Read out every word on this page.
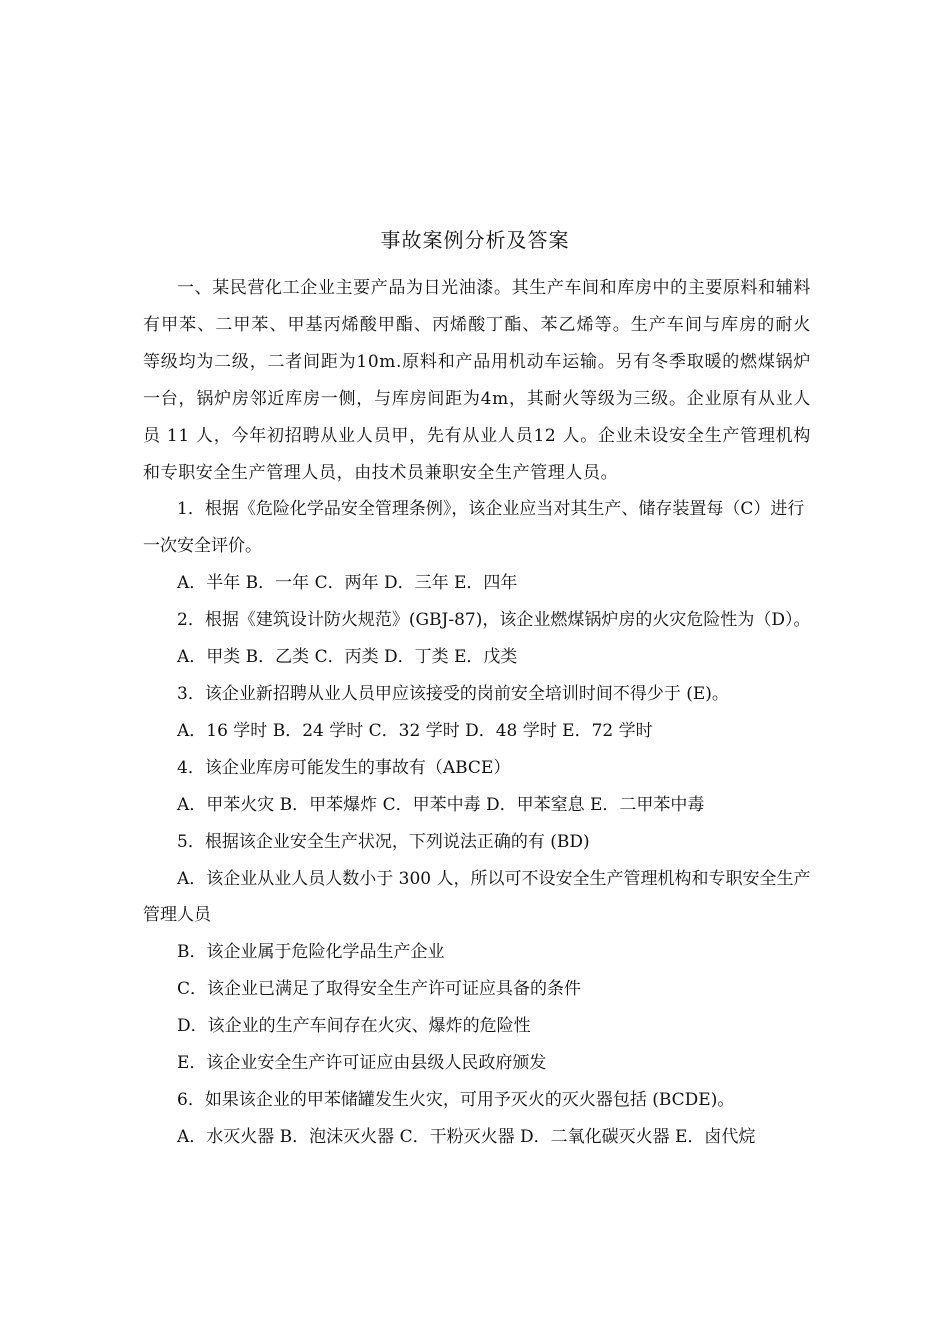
事故案例分析及答案

一、某民营化工企业主要产品为日光油漆。其生产车间和库房中的主要原料和辅料有甲苯、二甲苯、甲基丙烯酸甲酯、丙烯酸丁酯、苯乙烯等。生产车间与库房的耐火等级均为二级，二者间距为10m.原料和产品用机动车运输。另有冬季取暖的燃煤锅炉一台，锅炉房邻近库房一侧，与库房间距为4m，其耐火等级为三级。企业原有从业人员 11 人，今年初招聘从业人员甲，先有从业人员12 人。企业未设安全生产管理机构和专职安全生产管理人员，由技术员兼职安全生产管理人员。

1．根据《危险化学品安全管理条例》，该企业应当对其生产、储存装置每（C）进行一次安全评价。

A．半年 B．一年 C．两年 D．三年 E．四年

2．根据《建筑设计防火规范》(GBJ-87)，该企业燃煤锅炉房的火灾危险性为（D）。

A．甲类 B．乙类 C．丙类 D．丁类 E．戊类

3．该企业新招聘从业人员甲应该接受的岗前安全培训时间不得少于 (E)。

A．16 学时 B．24 学时 C．32 学时 D．48 学时 E．72 学时

4．该企业库房可能发生的事故有（ABCE）

A．甲苯火灾 B．甲苯爆炸 C．甲苯中毒 D．甲苯窒息 E．二甲苯中毒

5．根据该企业安全生产状况，下列说法正确的有 (BD)

A．该企业从业人员人数小于 300 人，所以可不设安全生产管理机构和专职安全生产管理人员

B．该企业属于危险化学品生产企业

C．该企业已满足了取得安全生产许可证应具备的条件

D．该企业的生产车间存在火灾、爆炸的危险性

E．该企业安全生产许可证应由县级人民政府颁发

6．如果该企业的甲苯储罐发生火灾，可用予灭火的灭火器包括 (BCDE)。

A．水灭火器 B．泡沫灭火器 C．干粉灭火器 D．二氧化碳灭火器 E．卤代烷
